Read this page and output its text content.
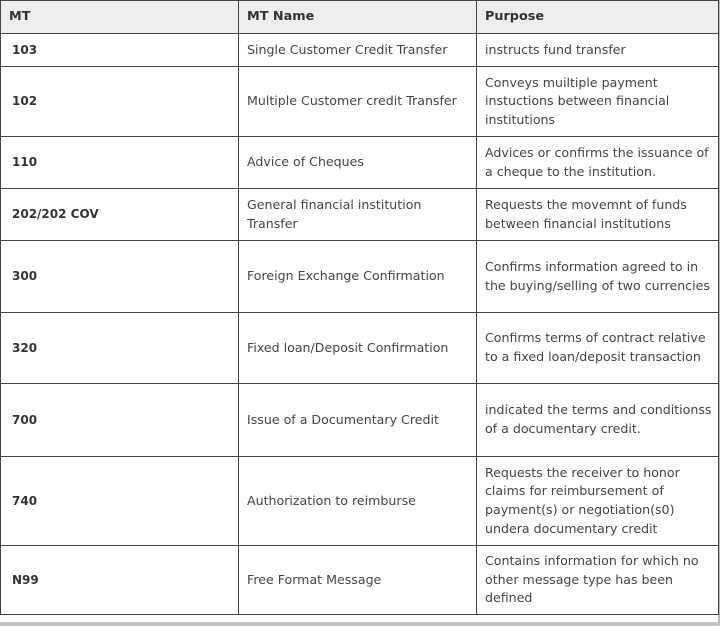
MT	MT Name	Purpose
103	Single Customer Credit Transfer	instructs fund transfer
102	Multiple Customer credit Transfer	Conveys muiltiple payment instuctions between financial institutions
110	Advice of Cheques	Advices or confirms the issuance of a cheque to the institution.
202/202 COV	General financial institution Transfer	Requests the movemnt of funds between financial institutions
300	Foreign Exchange Confirmation	Confirms information agreed to in the buying/selling of two currencies
320	Fixed loan/Deposit Confirmation	Confirms terms of contract relative to a fixed loan/deposit transaction
700	Issue of a Documentary Credit	indicated the terms and conditionss of a documentary credit.
740	Authorization to reimburse	Requests the receiver to honor claims for reimbursement of payment(s) or negotiation(s0) undera documentary credit
N99	Free Format Message	Contains information for which no other message type has been defined
